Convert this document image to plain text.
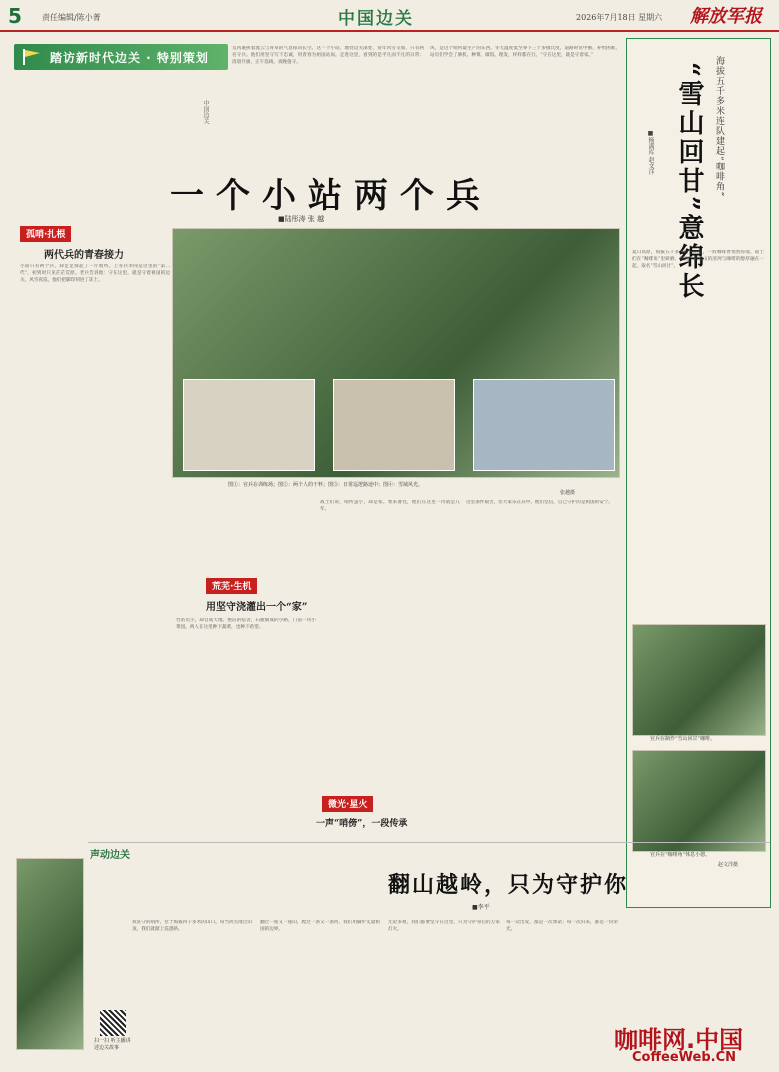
5	责任编辑/陈小菁	中国边关	2026年7月18日 星期六 解放军报
踏访新时代边关 · 特别策划
荒风裹挟着流云与青草的气息掠向长空。这一个小站，地处边关深处，常年风雪交加，只有两名守兵。他们用坚守写下忠诚，用青春为祖国站岗。走进这里，看到的是平凡而不凡的日常：清晨升旗，正午巡线，夜晚值守。
风，是这个哨所最生产的东西。冬天温度低至零下三十多摄氏度，道路时常中断，补给困难。站员们学会了修机、种菜、做饭、理发，样样都在行。“守在这里，就是守着家。”
中国边关
一个小站两个兵
■陆彤涛 张 越
图①：官兵在训练场；图②：两个人的干杯；图③：日常巡逻路途中；图④：雪域风光。
张越摄
孤哨·扎根
两代兵的青春接力
小站只有两个兵，却足足撑起了一片哨所。上等兵李闯是这里的“第二代”，初到时只见茫茫荒原。老兵告诉他：守在这里，就是守着祖国的边关。风雪夜巡，他们把脚印刻进了冻土。
荒芜·生机
用坚守浇灌出一个“家”
台站员小，却自成天地。整洁的宿舍，石板铺成的小路，门前一块小菜园。两人在这里种下蔬菜，也种下希望。
战士们说，哨所虽小，却是家。寒来暑往，他们在这里一待就是几年。
这里条件艰苦，但大家乐在其中。他们坚信，自己守护的是祖国的安宁。
微光·星火
一声“哨傍”，一段传承
“雪山回甘”意绵长	海拔五千多米连队建起“咖啡角”
■杨满库 赵文洋
夏日高原，海拔五千多米的连队里，一股咖啡香悄然弥漫。战士们在“咖啡角”里研磨、冲泡，把雪山的清冽与咖啡的醇厚融在一起，取名“雪山回甘”。
官兵在制作“雪山回甘”咖啡。
官兵在“咖啡角”休息小憩。
赵文洋摄
声动边关
翻山越岭，只为守护你
■李平
我驻守的哨所，位于海拔四千多米的山口。每当风雪漫过山顶，我们就踏上巡逻路。
翻过一座又一座山，蹚过一条又一条河，我们用脚步丈量祖国的边界。
无论多难，我们都要坚守在这里，只为守护身后的万家灯火。
每一次出发，都是一次承诺；每一次归来，都是一份荣光。
扫一扫 听主播讲述边关故事	咖啡网.中国
CoffeeWeb.CN
